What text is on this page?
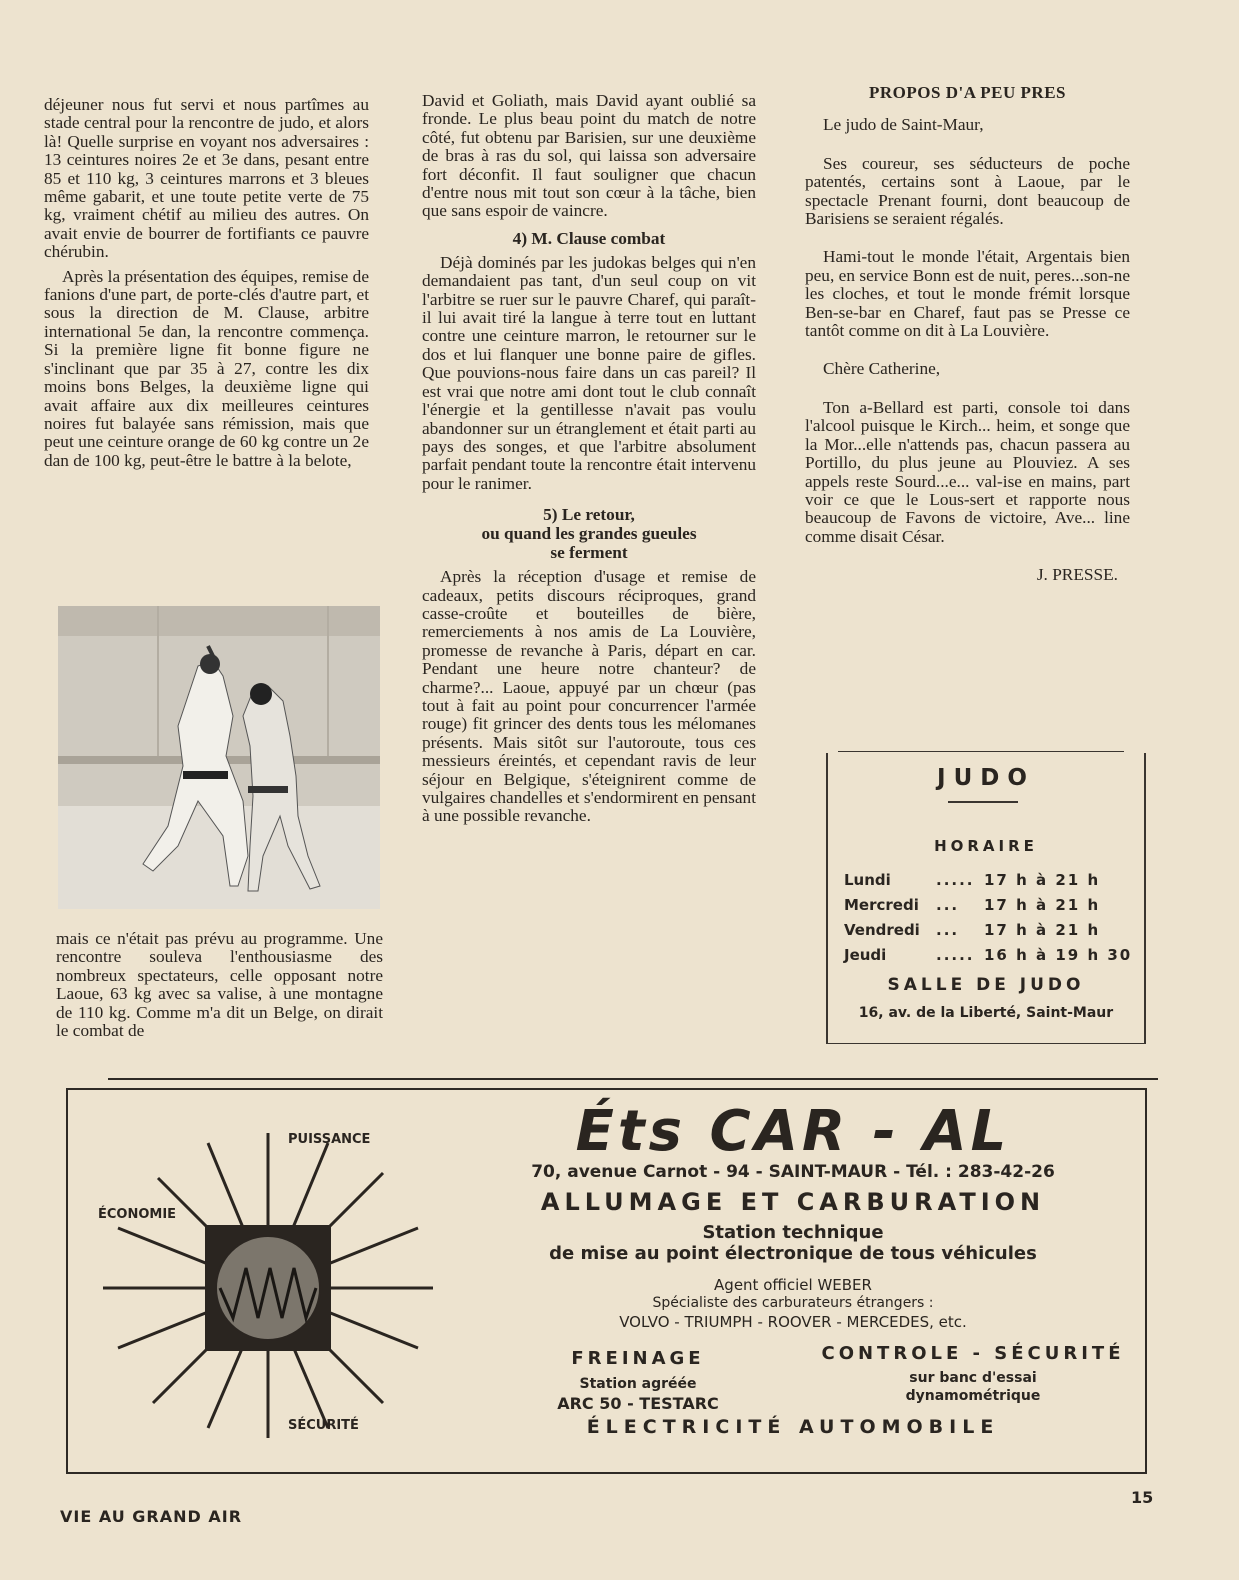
déjeuner nous fut servi et nous partîmes au stade central pour la rencontre de judo, et alors là! Quelle surprise en voyant nos adversaires : 13 ceintures noires 2e et 3e dans, pesant entre 85 et 110 kg, 3 ceintures marrons et 3 bleues même gabarit, et une toute petite verte de 75 kg, vraiment chétif au milieu des autres. On avait envie de bourrer de fortifiants ce pauvre chérubin.

Après la présentation des équipes, remise de fanions d'une part, de porte-clés d'autre part, et sous la direction de M. Clause, arbitre international 5e dan, la rencontre commença. Si la première ligne fit bonne figure ne s'inclinant que par 35 à 27, contre les dix moins bons Belges, la deuxième ligne qui avait affaire aux dix meilleures ceintures noires fut balayée sans rémission, mais que peut une ceinture orange de 60 kg contre un 2e dan de 100 kg, peut-être le battre à la belote,

mais ce n'était pas prévu au programme. Une rencontre souleva l'enthousiasme des nombreux spectateurs, celle opposant notre Laoue, 63 kg avec sa valise, à une montagne de 110 kg. Comme m'a dit un Belge, on dirait le combat de

David et Goliath, mais David ayant oublié sa fronde. Le plus beau point du match de notre côté, fut obtenu par Barisien, sur une deuxième de bras à ras du sol, qui laissa son adversaire fort déconfit. Il faut souligner que chacun d'entre nous mit tout son cœur à la tâche, bien que sans espoir de vaincre.

4) M. Clause combat

Déjà dominés par les judokas belges qui n'en demandaient pas tant, d'un seul coup on vit l'arbitre se ruer sur le pauvre Charef, qui paraît-il lui avait tiré la langue à terre tout en luttant contre une ceinture marron, le retourner sur le dos et lui flanquer une bonne paire de gifles. Que pouvions-nous faire dans un cas pareil? Il est vrai que notre ami dont tout le club connaît l'énergie et la gentillesse n'avait pas voulu abandonner sur un étranglement et était parti au pays des songes, et que l'arbitre absolument parfait pendant toute la rencontre était intervenu pour le ranimer.

5) Le retour,
ou quand les grandes gueules
se ferment

Après la réception d'usage et remise de cadeaux, petits discours réciproques, grand casse-croûte et bouteilles de bière, remerciements à nos amis de La Louvière, promesse de revanche à Paris, départ en car. Pendant une heure notre chanteur? de charme?... Laoue, appuyé par un chœur (pas tout à fait au point pour concurrencer l'armée rouge) fit grincer des dents tous les mélomanes présents. Mais sitôt sur l'autoroute, tous ces messieurs éreintés, et cependant ravis de leur séjour en Belgique, s'éteignirent comme de vulgaires chandelles et s'endormirent en pensant à une possible revanche.

PROPOS D'A PEU PRES

Le judo de Saint-Maur,

Ses coureur, ses séducteurs de poche patentés, certains sont à Laoue, par le spectacle Prenant fourni, dont beaucoup de Barisiens se seraient régalés.

Hami-tout le monde l'était, Argentais bien peu, en service Bonn est de nuit, peres...son-ne les cloches, et tout le monde frémit lorsque Ben-se-bar en Charef, faut pas se Presse ce tantôt comme on dit à La Louvière.

Chère Catherine,

Ton a-Bellard est parti, console toi dans l'alcool puisque le Kirch... heim, et songe que la Mor...elle n'attends pas, chacun passera au Portillo, du plus jeune au Plouviez. A ses appels reste Sourd...e... val-ise en mains, part voir ce que le Lous-sert et rapporte nous beaucoup de Favons de victoire, Ave... line comme disait César.

J. PRESSE.

JUDO
HORAIRE
Lundi	..... 17 h à 21 h
Mercredi	...	17 h à 21 h
Vendredi	...	17 h à 21 h
Jeudi	..... 16 h à 19 h 30
SALLE DE JUDO
16, av. de la Liberté, Saint-Maur
PUISSANCE
ÉCONOMIE
SÉCURITÉ
Éts CAR - AL
70, avenue Carnot - 94 - SAINT-MAUR - Tél. : 283-42-26
ALLUMAGE ET CARBURATION
Station technique
de mise au point électronique de tous véhicules
Agent officiel WEBER
Spécialiste des carburateurs étrangers :
VOLVO - TRIUMPH - ROOVER - MERCEDES, etc.
FREINAGE	CONTROLE - SÉCURITÉ
Station agréée
ARC 50 - TESTARC
sur banc d'essai
dynamométrique
ÉLECTRICITÉ AUTOMOBILE
VIE AU GRAND AIR
15
